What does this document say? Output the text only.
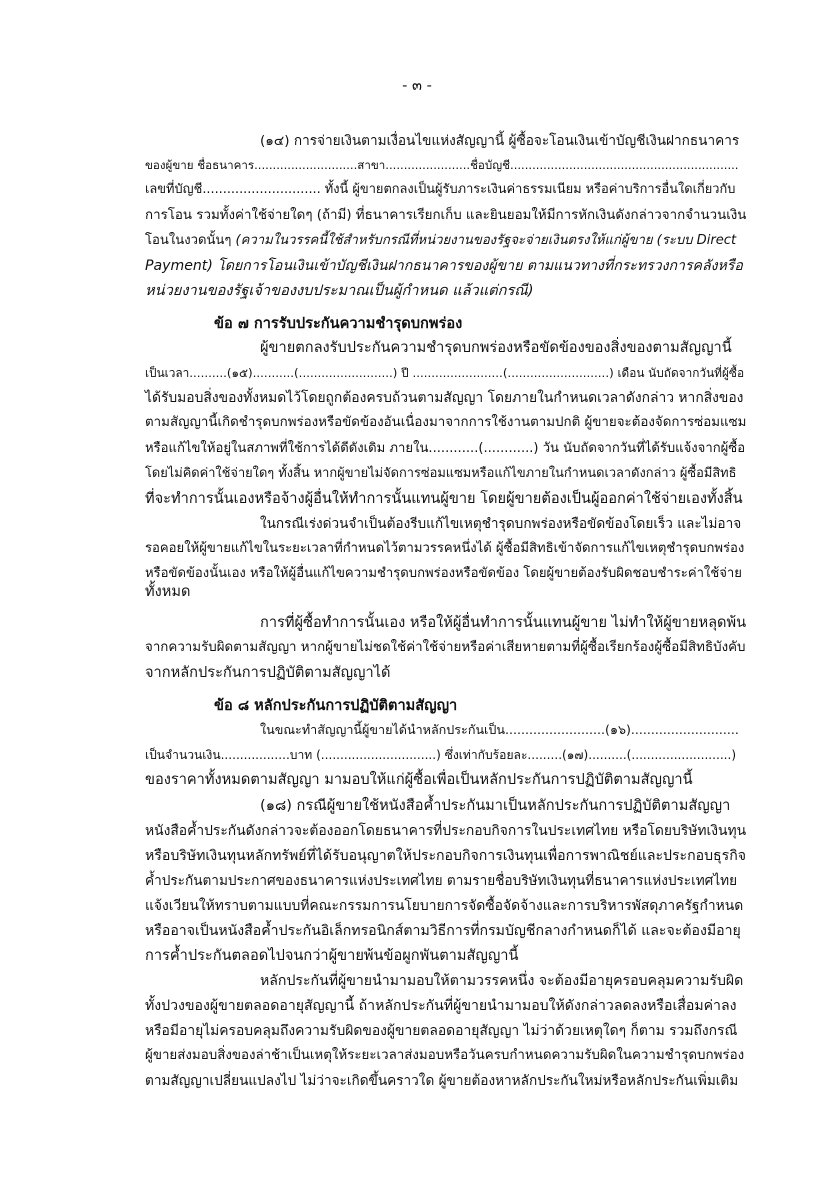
- ๓ -
(๑๔) การจ่ายเงินตามเงื่อนไขแห่งสัญญานี้ ผู้ซื้อจะโอนเงินเข้าบัญชีเงินฝากธนาคาร
ของผู้ขาย ชื่อธนาคาร............................สาขา.......................ชื่อบัญชี..............................................................
เลขที่บัญชี............................. ทั้งนี้ ผู้ขายตกลงเป็นผู้รับภาระเงินค่าธรรมเนียม หรือค่าบริการอื่นใดเกี่ยวกับ
การโอน รวมทั้งค่าใช้จ่ายใดๆ (ถ้ามี) ที่ธนาคารเรียกเก็บ และยินยอมให้มีการหักเงินดังกล่าวจากจำนวนเงิน
โอนในงวดนั้นๆ (ความในวรรคนี้ใช้สำหรับกรณีที่หน่วยงานของรัฐจะจ่ายเงินตรงให้แก่ผู้ขาย (ระบบ Direct
Payment) โดยการโอนเงินเข้าบัญชีเงินฝากธนาคารของผู้ขาย ตามแนวทางที่กระทรวงการคลังหรือ
หน่วยงานของรัฐเจ้าของงบประมาณเป็นผู้กำหนด แล้วแต่กรณี)
ข้อ ๗ การรับประกันความชำรุดบกพร่อง
ผู้ขายตกลงรับประกันความชำรุดบกพร่องหรือขัดข้องของสิ่งของตามสัญญานี้
เป็นเวลา..........(๑๕)...........(.........................) ปี ........................(...........................) เดือน นับถัดจากวันที่ผู้ซื้อ
ได้รับมอบสิ่งของทั้งหมดไว้โดยถูกต้องครบถ้วนตามสัญญา โดยภายในกำหนดเวลาดังกล่าว หากสิ่งของ
ตามสัญญานี้เกิดชำรุดบกพร่องหรือขัดข้องอันเนื่องมาจากการใช้งานตามปกติ ผู้ขายจะต้องจัดการซ่อมแซม
หรือแก้ไขให้อยู่ในสภาพที่ใช้การได้ดีดังเดิม ภายใน............(............) วัน นับถัดจากวันที่ได้รับแจ้งจากผู้ซื้อ
โดยไม่คิดค่าใช้จ่ายใดๆ ทั้งสิ้น หากผู้ขายไม่จัดการซ่อมแซมหรือแก้ไขภายในกำหนดเวลาดังกล่าว ผู้ซื้อมีสิทธิ
ที่จะทำการนั้นเองหรือจ้างผู้อื่นให้ทำการนั้นแทนผู้ขาย โดยผู้ขายต้องเป็นผู้ออกค่าใช้จ่ายเองทั้งสิ้น
ในกรณีเร่งด่วนจำเป็นต้องรีบแก้ไขเหตุชำรุดบกพร่องหรือขัดข้องโดยเร็ว และไม่อาจ
รอคอยให้ผู้ขายแก้ไขในระยะเวลาที่กำหนดไว้ตามวรรคหนึ่งได้ ผู้ซื้อมีสิทธิเข้าจัดการแก้ไขเหตุชำรุดบกพร่อง
หรือขัดข้องนั้นเอง หรือให้ผู้อื่นแก้ไขความชำรุดบกพร่องหรือขัดข้อง โดยผู้ขายต้องรับผิดชอบชำระค่าใช้จ่าย
ทั้งหมด
การที่ผู้ซื้อทำการนั้นเอง หรือให้ผู้อื่นทำการนั้นแทนผู้ขาย ไม่ทำให้ผู้ขายหลุดพ้น
จากความรับผิดตามสัญญา หากผู้ขายไม่ชดใช้ค่าใช้จ่ายหรือค่าเสียหายตามที่ผู้ซื้อเรียกร้องผู้ซื้อมีสิทธิบังคับ
จากหลักประกันการปฏิบัติตามสัญญาได้
ข้อ ๘ หลักประกันการปฏิบัติตามสัญญา
ในขณะทำสัญญานี้ผู้ขายได้นำหลักประกันเป็น.........................(๑๖)...........................
เป็นจำนวนเงิน..................บาท (..............................) ซึ่งเท่ากับร้อยละ.........(๑๗)..........(..........................)
ของราคาทั้งหมดตามสัญญา มามอบให้แก่ผู้ซื้อเพื่อเป็นหลักประกันการปฏิบัติตามสัญญานี้
(๑๘) กรณีผู้ขายใช้หนังสือค้ำประกันมาเป็นหลักประกันการปฏิบัติตามสัญญา
หนังสือค้ำประกันดังกล่าวจะต้องออกโดยธนาคารที่ประกอบกิจการในประเทศไทย หรือโดยบริษัทเงินทุน
หรือบริษัทเงินทุนหลักทรัพย์ที่ได้รับอนุญาตให้ประกอบกิจการเงินทุนเพื่อการพาณิชย์และประกอบธุรกิจ
ค้ำประกันตามประกาศของธนาคารแห่งประเทศไทย ตามรายชื่อบริษัทเงินทุนที่ธนาคารแห่งประเทศไทย
แจ้งเวียนให้ทราบตามแบบที่คณะกรรมการนโยบายการจัดซื้อจัดจ้างและการบริหารพัสดุภาครัฐกำหนด
หรืออาจเป็นหนังสือค้ำประกันอิเล็กทรอนิกส์ตามวิธีการที่กรมบัญชีกลางกำหนดก็ได้ และจะต้องมีอายุ
การค้ำประกันตลอดไปจนกว่าผู้ขายพ้นข้อผูกพันตามสัญญานี้
หลักประกันที่ผู้ขายนำมามอบให้ตามวรรคหนึ่ง จะต้องมีอายุครอบคลุมความรับผิด
ทั้งปวงของผู้ขายตลอดอายุสัญญานี้ ถ้าหลักประกันที่ผู้ขายนำมามอบให้ดังกล่าวลดลงหรือเสื่อมค่าลง
หรือมีอายุไม่ครอบคลุมถึงความรับผิดของผู้ขายตลอดอายุสัญญา ไม่ว่าด้วยเหตุใดๆ ก็ตาม รวมถึงกรณี
ผู้ขายส่งมอบสิ่งของล่าช้าเป็นเหตุให้ระยะเวลาส่งมอบหรือวันครบกำหนดความรับผิดในความชำรุดบกพร่อง
ตามสัญญาเปลี่ยนแปลงไป ไม่ว่าจะเกิดขึ้นคราวใด ผู้ขายต้องหาหลักประกันใหม่หรือหลักประกันเพิ่มเติม
